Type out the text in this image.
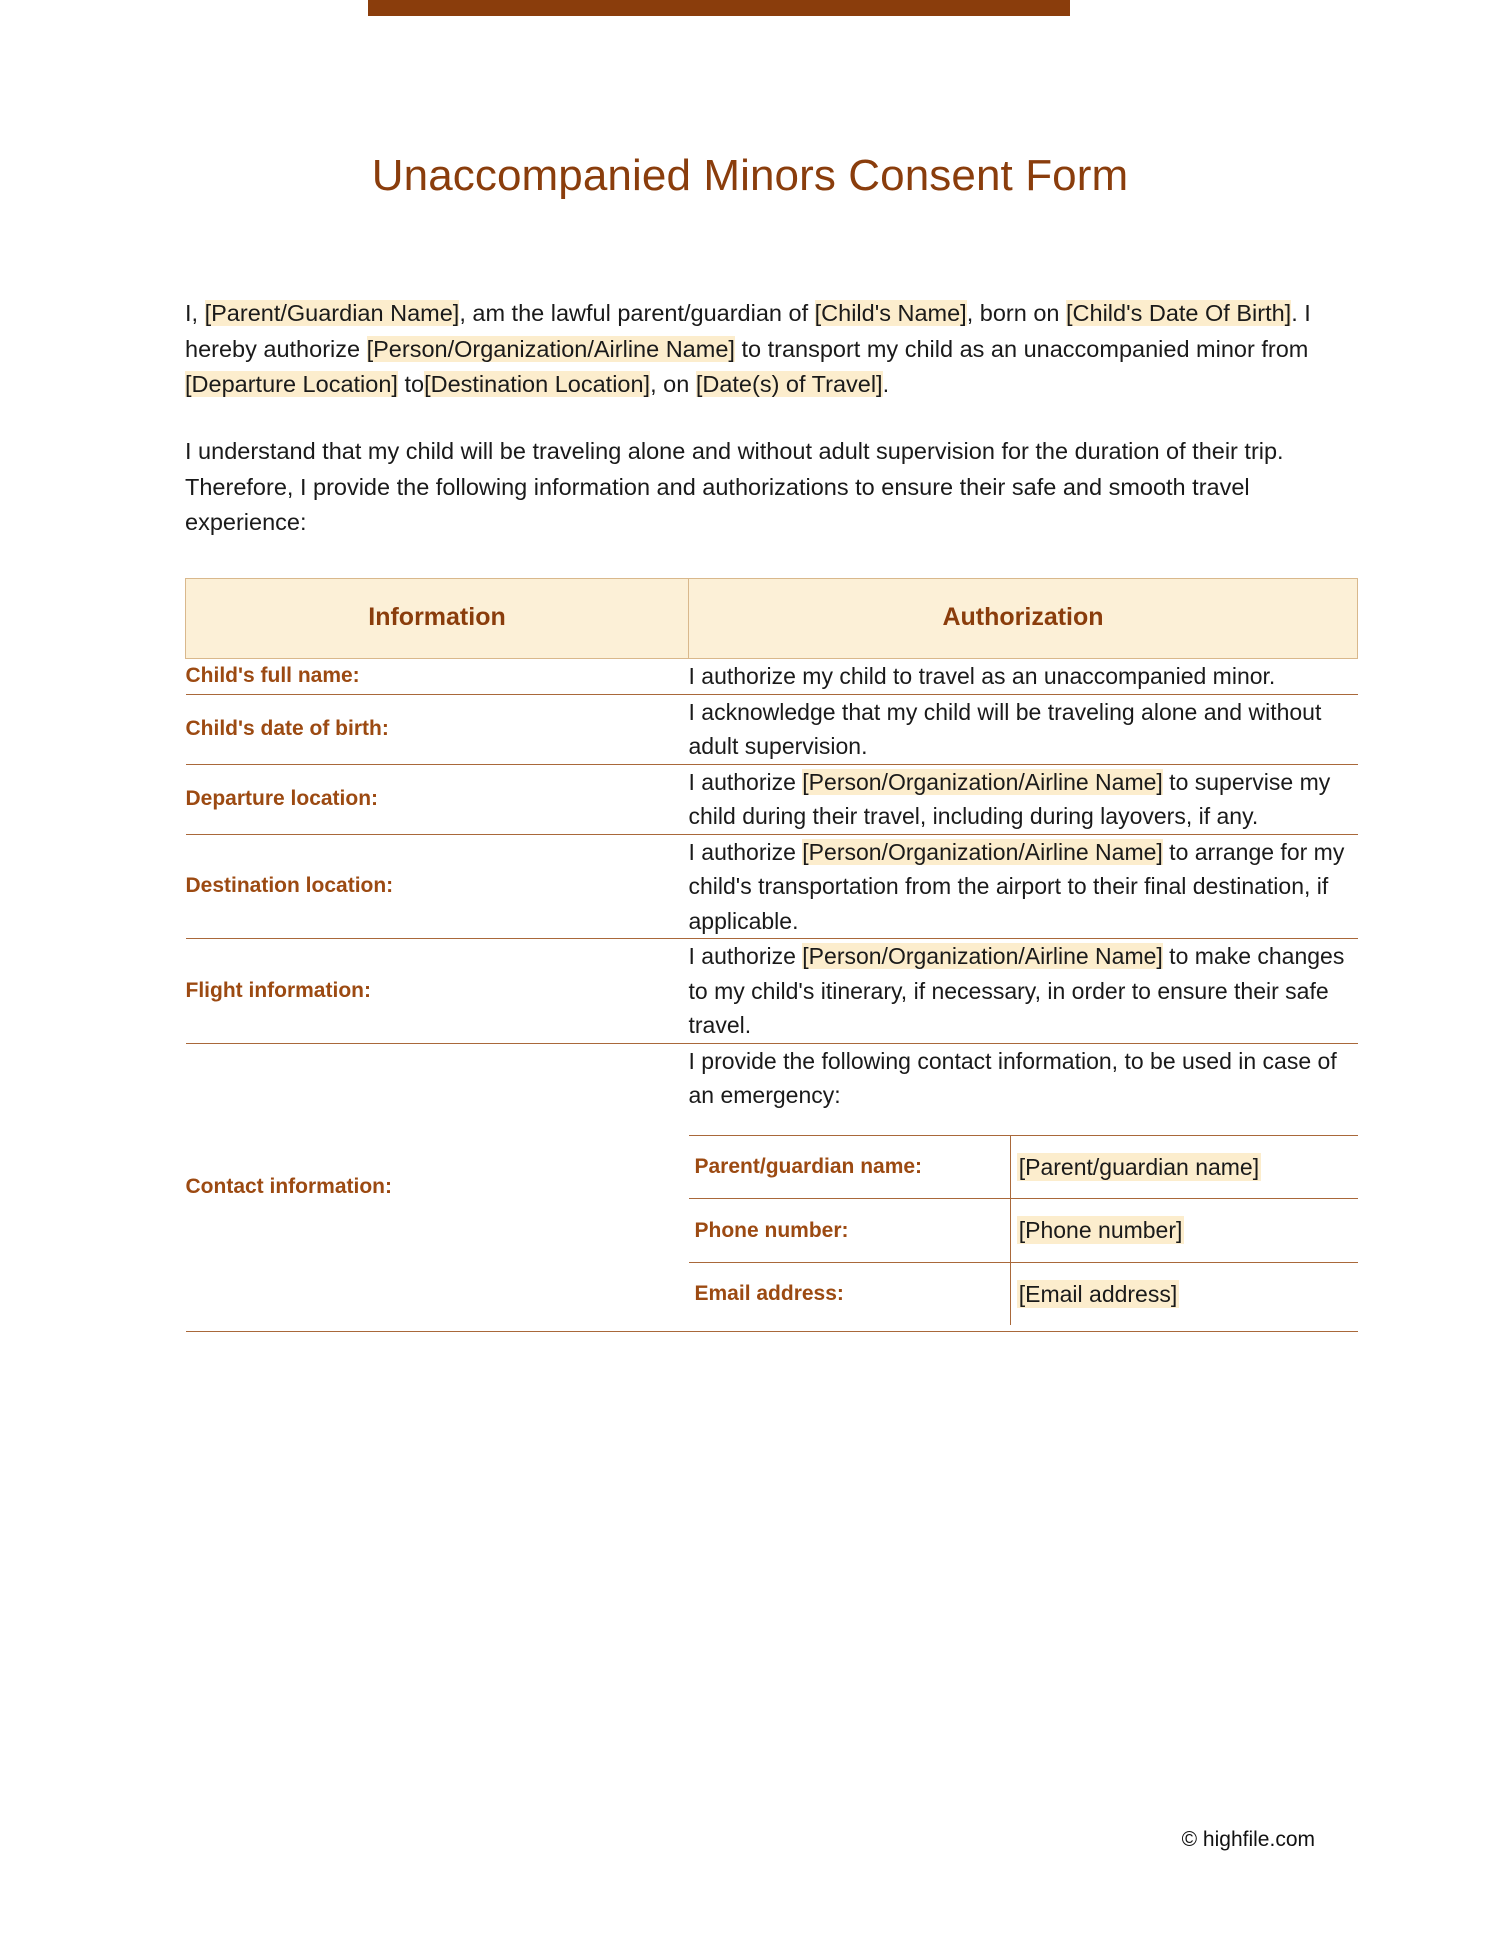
Unaccompanied Minors Consent Form

I, [Parent/Guardian Name], am the lawful parent/guardian of [Child's Name], born on [Child's Date Of Birth]. I hereby authorize [Person/Organization/Airline Name] to transport my child as an unaccompanied minor from [Departure Location] to[Destination Location], on [Date(s) of Travel].

I understand that my child will be traveling alone and without adult supervision for the duration of their trip. Therefore, I provide the following information and authorizations to ensure their safe and smooth travel experience:

Information	Authorization
Child's full name:	I authorize my child to travel as an unaccompanied minor.
Child's date of birth:	I acknowledge that my child will be traveling alone and without adult supervision.
Departure location:	I authorize [Person/Organization/Airline Name] to supervise my child during their travel, including during layovers, if any.
Destination location:	I authorize [Person/Organization/Airline Name] to arrange for my child's transportation from the airport to their final destination, if applicable.
Flight information:	I authorize [Person/Organization/Airline Name] to make changes to my child's itinerary, if necessary, in order to ensure their safe travel.
Contact information:	I provide the following contact information, to be used in case of an emergency:
Parent/guardian name:	[Parent/guardian name]
Phone number:	[Phone number]
Email address:	[Email address]
© highfile.com
